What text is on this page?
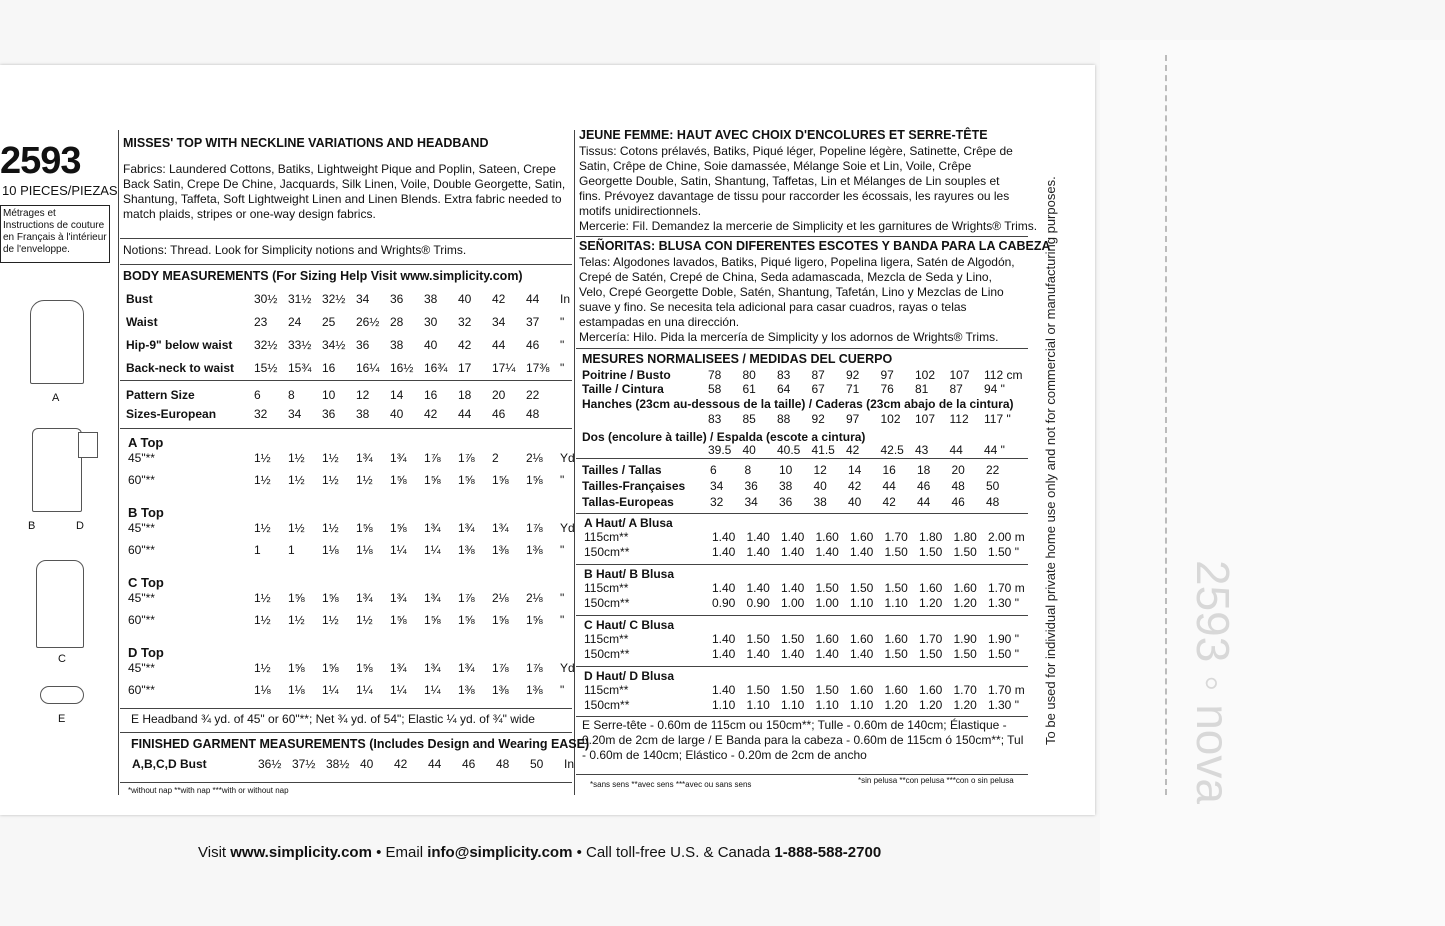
2593 ◦ nova
To be used for individual private home use only and not for commercial or manufacturing purposes.
2593
10 PIECES/PIEZAS
Métrages et Instructions de couture en Français à l'intérieur de l'enveloppe.
A
B	D
C
E
MISSES' TOP WITH NECKLINE VARIATIONS AND HEADBAND
Fabrics: Laundered Cottons, Batiks, Lightweight Pique and Poplin, Sateen, Crepe Back Satin, Crepe De Chine, Jacquards, Silk Linen, Voile, Double Georgette, Satin, Shantung, Taffeta, Soft Lightweight Linen and Linen Blends. Extra fabric needed to match plaids, stripes or one-way design fabrics.
Notions: Thread. Look for Simplicity notions and Wrights® Trims.
BODY MEASUREMENTS (For Sizing Help Visit www.simplicity.com)
Bust	30½ 31½ 32½ 34 36 38 40 42 44 In
Waist	23 24 25 26½ 28 30 32 34 37 "
Hip-9" below waist 32½ 33½ 34½ 36 38 40 42 44 46 "
Back-neck to waist 15½ 15¾ 16 16¼ 16½ 16¾ 17 17¼ 17⅜ "
Pattern Size	6 8 10 12 14 16 18 20 22
Sizes-European	32 34 36 38 40 42 44 46 48
A Top
45"**	1½ 1½ 1½ 1¾ 1¾ 1⅞ 1⅞ 2 2⅛ Yd
60"**	1½ 1½ 1½ 1½ 1⅝ 1⅝ 1⅝ 1⅝ 1⅝ "
B Top
45"**	1½ 1½ 1½ 1⅝ 1⅝ 1¾ 1¾ 1¾ 1⅞ Yd
60"**	1 1 1⅛ 1⅛ 1¼ 1¼ 1⅜ 1⅜ 1⅜ "
C Top
45"**	1½ 1⅝ 1⅝ 1¾ 1¾ 1¾ 1⅞ 2⅛ 2⅛ "
60"**	1½ 1½ 1½ 1½ 1⅝ 1⅝ 1⅝ 1⅝ 1⅝ "
D Top
45"**	1½ 1⅝ 1⅝ 1⅝ 1¾ 1¾ 1¾ 1⅞ 1⅞ Yd
60"**	1⅛ 1⅛ 1¼ 1¼ 1¼ 1¼ 1⅜ 1⅜ 1⅜ "
E Headband ¾ yd. of 45" or 60"**; Net ¾ yd. of 54"; Elastic ¼ yd. of ¾" wide
FINISHED GARMENT MEASUREMENTS (Includes Design and Wearing EASE)
A,B,C,D Bust	36½ 37½ 38½ 40 42 44 46 48 50 In
*without nap **with nap ***with or without nap
JEUNE FEMME: HAUT AVEC CHOIX D'ENCOLURES ET SERRE-TÊTE
Tissus: Cotons prélavés, Batiks, Piqué léger, Popeline légère, Satinette, Crêpe de Satin, Crêpe de Chine, Soie damassée, Mélange Soie et Lin, Voile, Crêpe Georgette Double, Satin, Shantung, Taffetas, Lin et Mélanges de Lin souples et fins. Prévoyez davantage de tissu pour raccorder les écossais, les rayures ou les motifs unidirectionnels.
Mercerie: Fil. Demandez la mercerie de Simplicity et les garnitures de Wrights® Trims.
SEÑORITAS: BLUSA CON DIFERENTES ESCOTES Y BANDA PARA LA CABEZA
Telas: Algodones lavados, Batiks, Piqué ligero, Popelina ligera, Satén de Algodón, Crepé de Satén, Crepé de China, Seda adamascada, Mezcla de Seda y Lino, Velo, Crepé Georgette Doble, Satén, Shantung, Tafetán, Lino y Mezclas de Lino suave y fino. Se necesita tela adicional para casar cuadros, rayas o telas estampadas en una dirección.
Mercería: Hilo. Pida la mercería de Simplicity y los adornos de Wrights® Trims.
MESURES NORMALISEES / MEDIDAS DEL CUERPO
Poitrine / Busto	78 80 83 87 92 97 102 107 112 cm
Taille / Cintura	58 61 64 67 71 76 81 87 94 "
Hanches (23cm au-dessous de la taille) / Caderas (23cm abajo de la cintura)
83 85 88 92 97 102 107 112 117 "
Dos (encolure à taille) / Espalda (escote a cintura)
39.5 40 40.5 41.5 42 42.5 43 44 44 "
Tailles / Tallas	6 8 10 12 14 16 18 20 22
Tailles-Françaises 34 36 38 40 42 44 46 48 50
Tallas-Europeas	32 34 36 38 40 42 44 46 48
A Haut/ A Blusa
115cm**	1.40 1.40 1.40 1.60 1.60 1.70 1.80 1.80 2.00 m
150cm**	1.40 1.40 1.40 1.40 1.40 1.50 1.50 1.50 1.50 "
B Haut/ B Blusa
115cm**	1.40 1.40 1.40 1.50 1.50 1.50 1.60 1.60 1.70 m
150cm**	0.90 0.90 1.00 1.00 1.10 1.10 1.20 1.20 1.30 "
C Haut/ C Blusa
115cm**	1.40 1.50 1.50 1.60 1.60 1.60 1.70 1.90 1.90 "
150cm**	1.40 1.40 1.40 1.40 1.40 1.50 1.50 1.50 1.50 "
D Haut/ D Blusa
115cm**	1.40 1.50 1.50 1.50 1.60 1.60 1.60 1.70 1.70 m
150cm**	1.10 1.10 1.10 1.10 1.10 1.20 1.20 1.20 1.30 "
E Serre-tête - 0.60m de 115cm ou 150cm**; Tulle - 0.60m de 140cm; Élastique - 0.20m de 2cm de large / E Banda para la cabeza - 0.60m de 115cm ó 150cm**; Tul - 0.60m de 140cm; Elástico - 0.20m de 2cm de ancho
*sans sens **avec sens ***avec ou sans sens	*sin pelusa **con pelusa ***con o sin pelusa
Visit www.simplicity.com • Email info@simplicity.com • Call toll-free U.S. & Canada 1-888-588-2700
